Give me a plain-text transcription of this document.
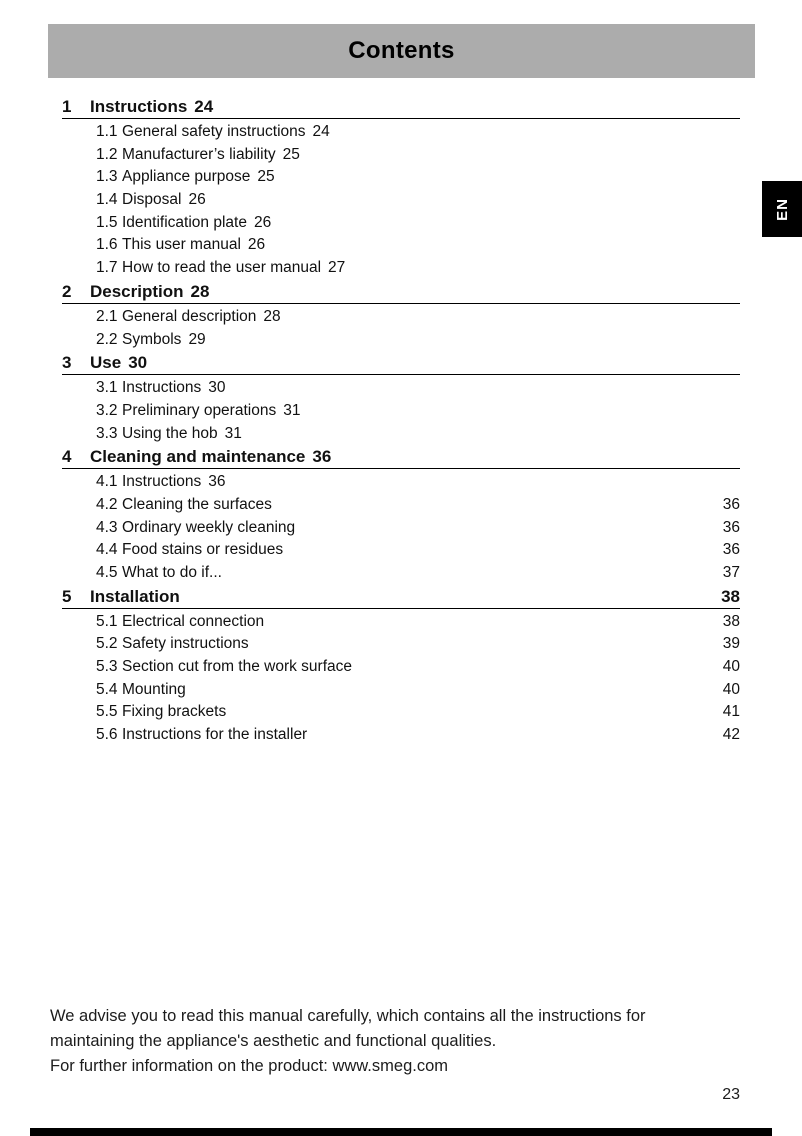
Contents
EN
1	Instructions 24
1.1 General safety instructions 24
1.2 Manufacturer’s liability 25
1.3 Appliance purpose 25
1.4 Disposal 26
1.5 Identification plate 26
1.6 This user manual 26
1.7 How to read the user manual 27
2	Description 28
2.1 General description 28
2.2 Symbols 29
3	Use 30
3.1 Instructions 30
3.2 Preliminary operations 31
3.3 Using the hob 31
4	Cleaning and maintenance 36
4.1 Instructions 36
4.2 Cleaning the surfaces	36
4.3 Ordinary weekly cleaning	36
4.4 Food stains or residues	36
4.5 What to do if...	37
5	Installation	38
5.1 Electrical connection	38
5.2 Safety instructions	39
5.3 Section cut from the work surface	40
5.4 Mounting	40
5.5 Fixing brackets	41
5.6 Instructions for the installer	42
We advise you to read this manual carefully, which contains all the instructions for maintaining the appliance's aesthetic and functional qualities.
For further information on the product: www.smeg.com
23
